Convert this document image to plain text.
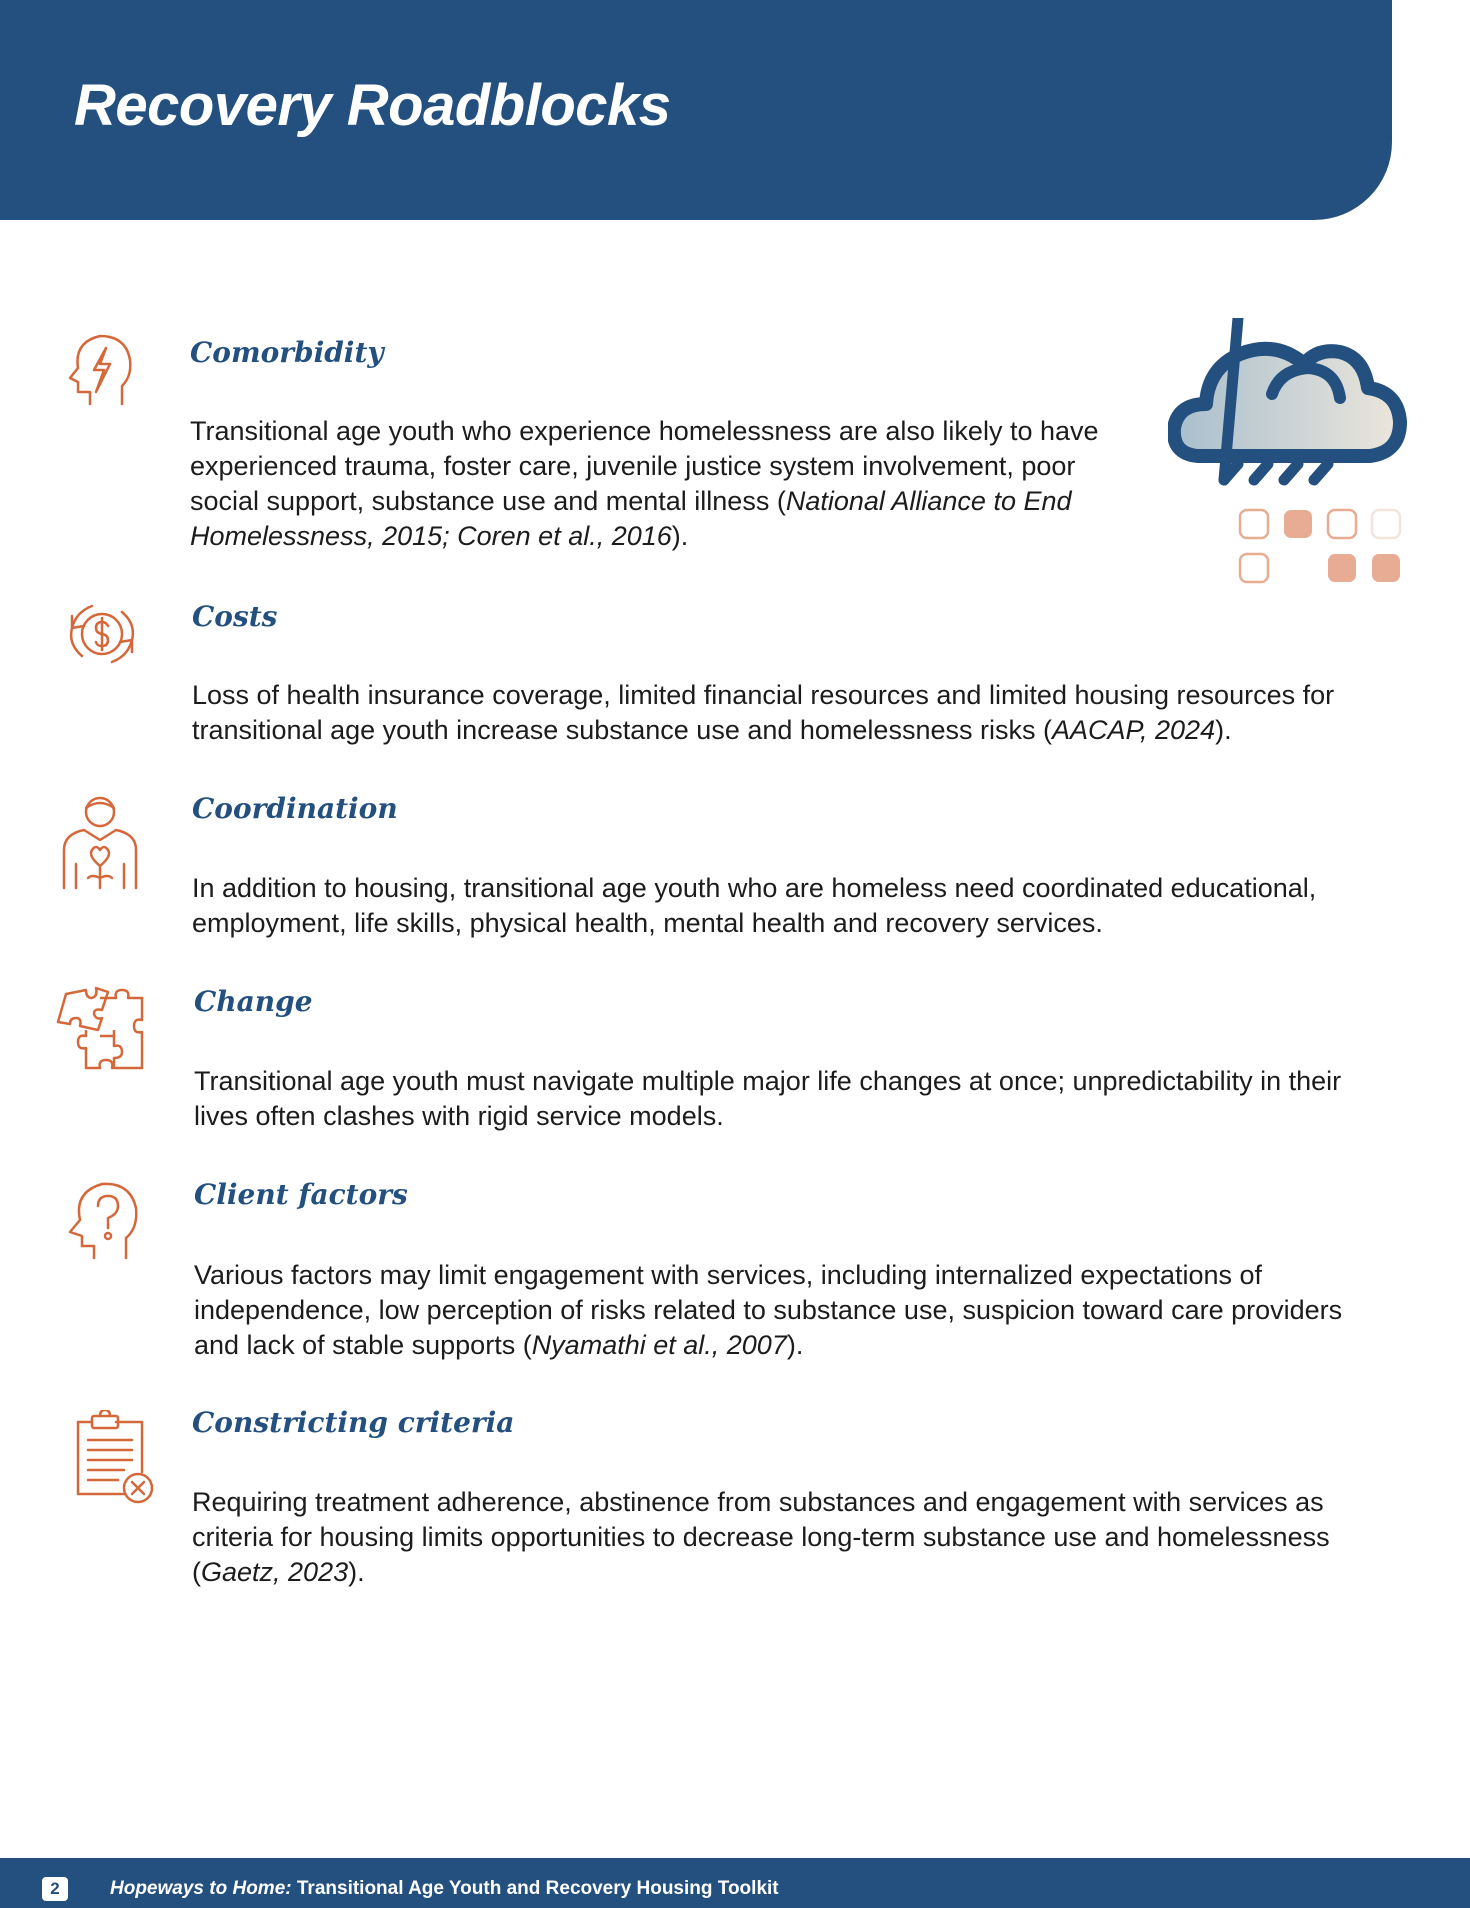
Recovery Roadblocks
Comorbidity

Transitional age youth who experience homelessness are also likely to have experienced trauma, foster care, juvenile justice system involvement, poor social support, substance use and mental illness (National Alliance to End Homelessness, 2015; Coren et al., 2016).

Costs

Loss of health insurance coverage, limited financial resources and limited housing resources for transitional age youth increase substance use and homelessness risks (AACAP, 2024).

Coordination

In addition to housing, transitional age youth who are homeless need coordinated educational, employment, life skills, physical health, mental health and recovery services.

Change

Transitional age youth must navigate multiple major life changes at once; unpredictability in their lives often clashes with rigid service models.

Client factors

Various factors may limit engagement with services, including internalized expectations of independence, low perception of risks related to substance use, suspicion toward care providers and lack of stable supports (Nyamathi et al., 2007).

Constricting criteria

Requiring treatment adherence, abstinence from substances and engagement with services as criteria for housing limits opportunities to decrease long-term substance use and homelessness (Gaetz, 2023).

2	Hopeways to Home: Transitional Age Youth and Recovery Housing Toolkit
